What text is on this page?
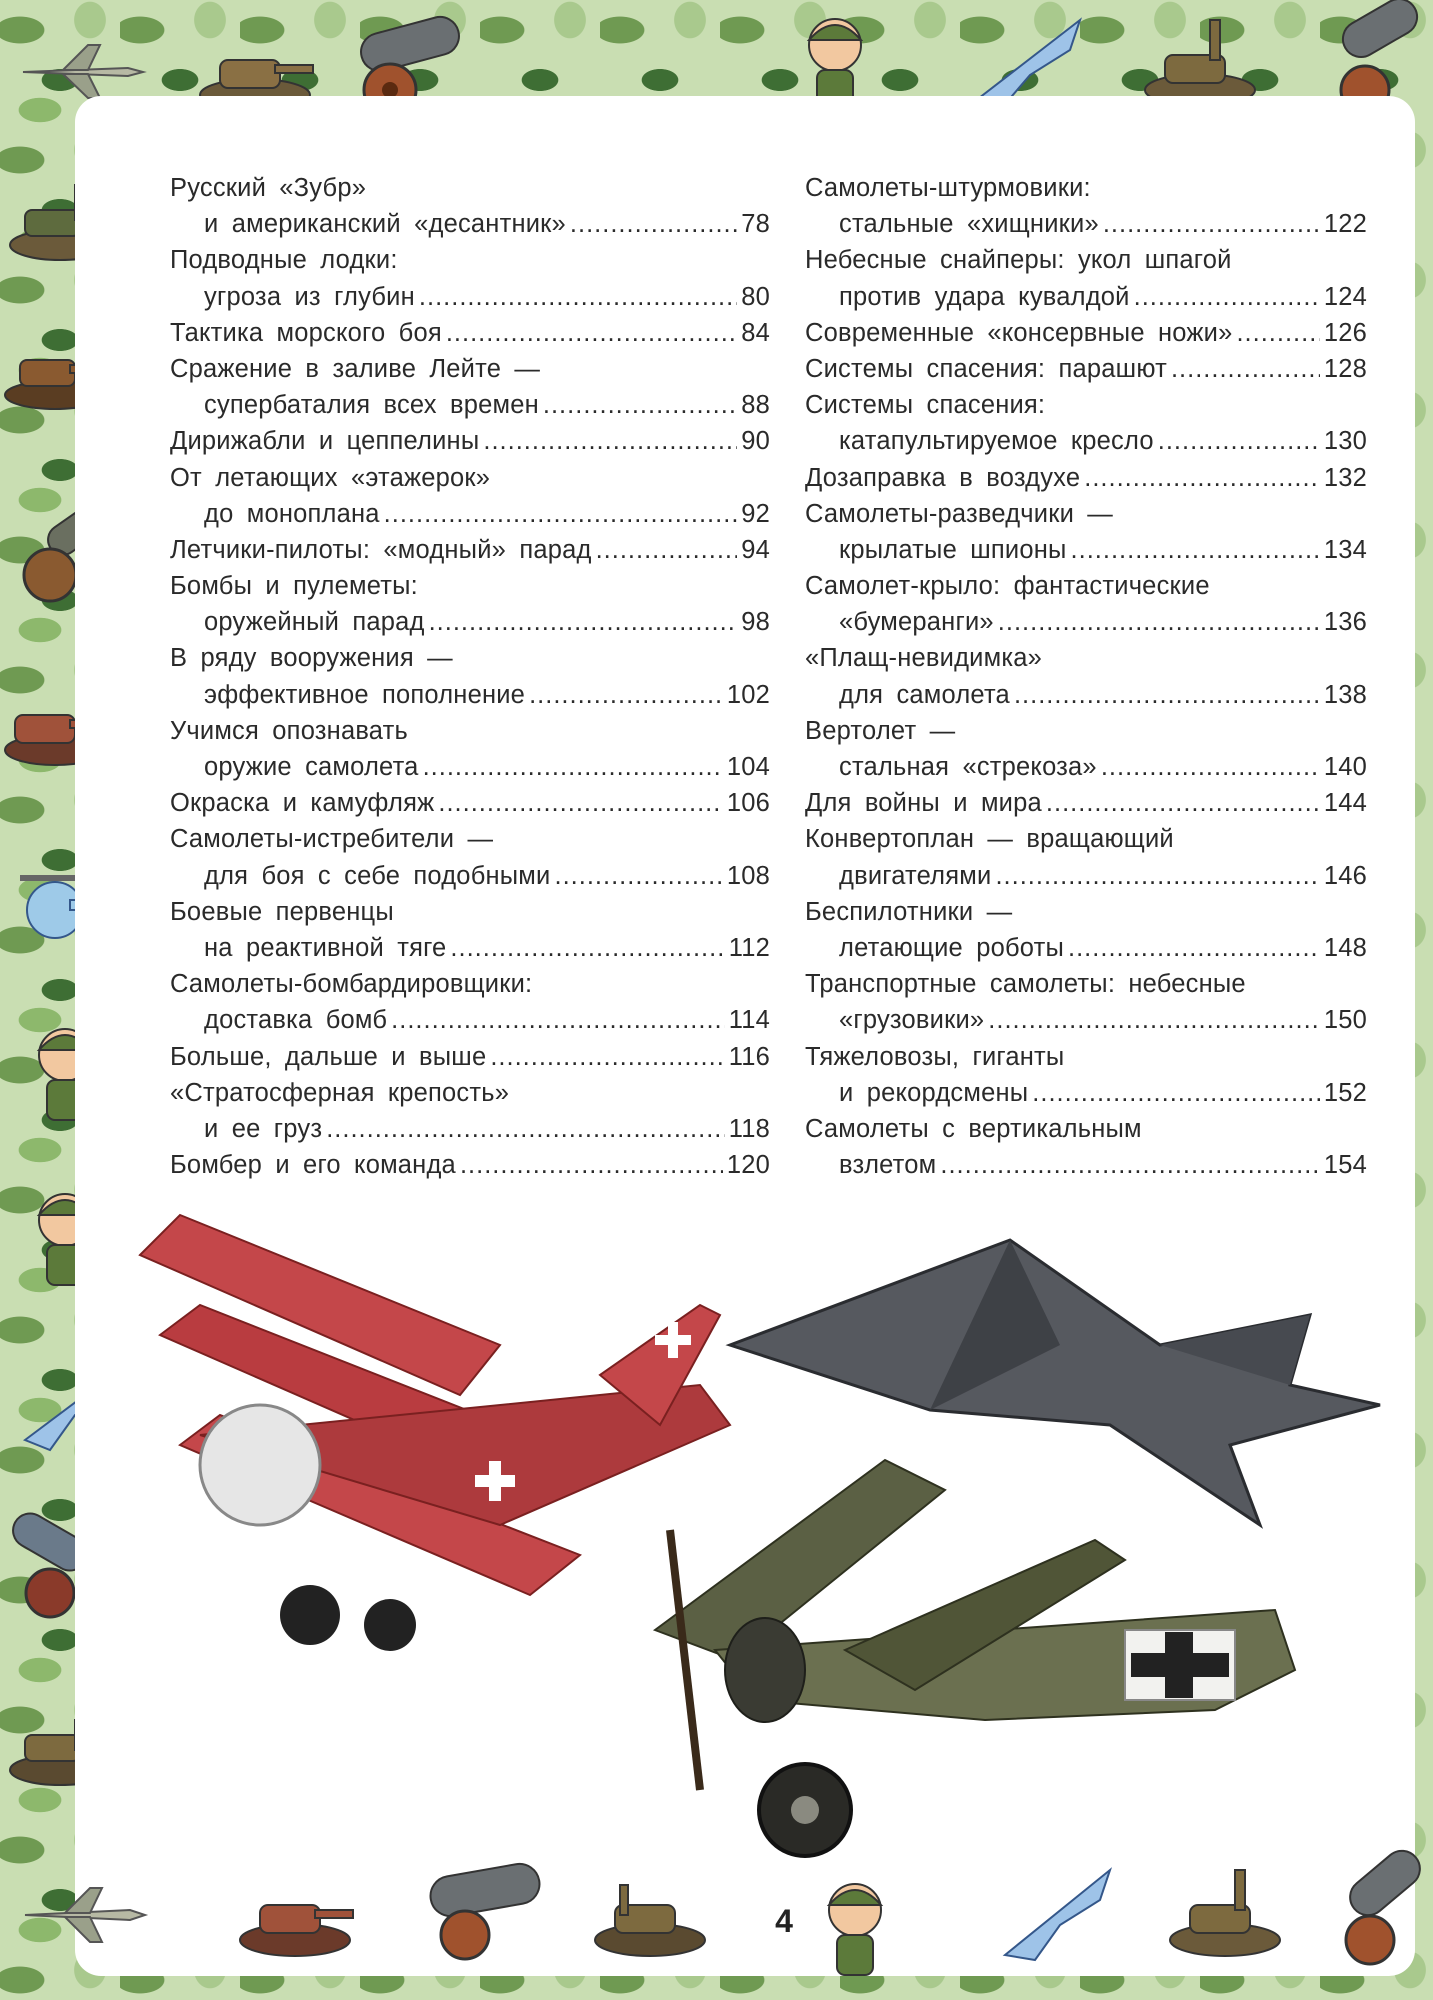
Русский «Зубр»
и американский «десантник» .....	78
Подводные лодки:
угроза из глубин .....	80
Тактика морского боя .....	84
Сражение в заливе Лейте —
супербаталия всех времен .....	88
Дирижабли и цеппелины .....	90
От летающих «этажерок»
до моноплана .....	92
Летчики-пилоты: «модный» парад .....	94
Бомбы и пулеметы:
оружейный парад .....	98
В ряду вооружения —
эффективное пополнение .....	102
Учимся опознавать
оружие самолета .....	104
Окраска и камуфляж .....	106
Самолеты-истребители —
для боя с себе подобными .....	108
Боевые первенцы
на реактивной тяге .....	112
Самолеты-бомбардировщики:
доставка бомб .....	114
Больше, дальше и выше .....	116
«Стратосферная крепость»
и ее груз .....	118
Бомбер и его команда .....	120
Самолеты-штурмовики:
стальные «хищники» .....	122
Небесные снайперы: укол шпагой
против удара кувалдой .....	124
Современные «консервные ножи» .....	126
Системы спасения: парашют .....	128
Системы спасения:
катапультируемое кресло .....	130
Дозаправка в воздухе .....	132
Самолеты-разведчики —
крылатые шпионы .....	134
Самолет-крыло: фантастические
«бумеранги» .....	136
«Плащ-невидимка»
для самолета .....	138
Вертолет —
стальная «стрекоза» .....	140
Для войны и мира .....	144
Конвертоплан — вращающий
двигателями .....	146
Беспилотники —
летающие роботы .....	148
Транспортные самолеты: небесные
«грузовики» .....	150
Тяжеловозы, гиганты
и рекордсмены .....	152
Самолеты с вертикальным
взлетом .....	154
4
